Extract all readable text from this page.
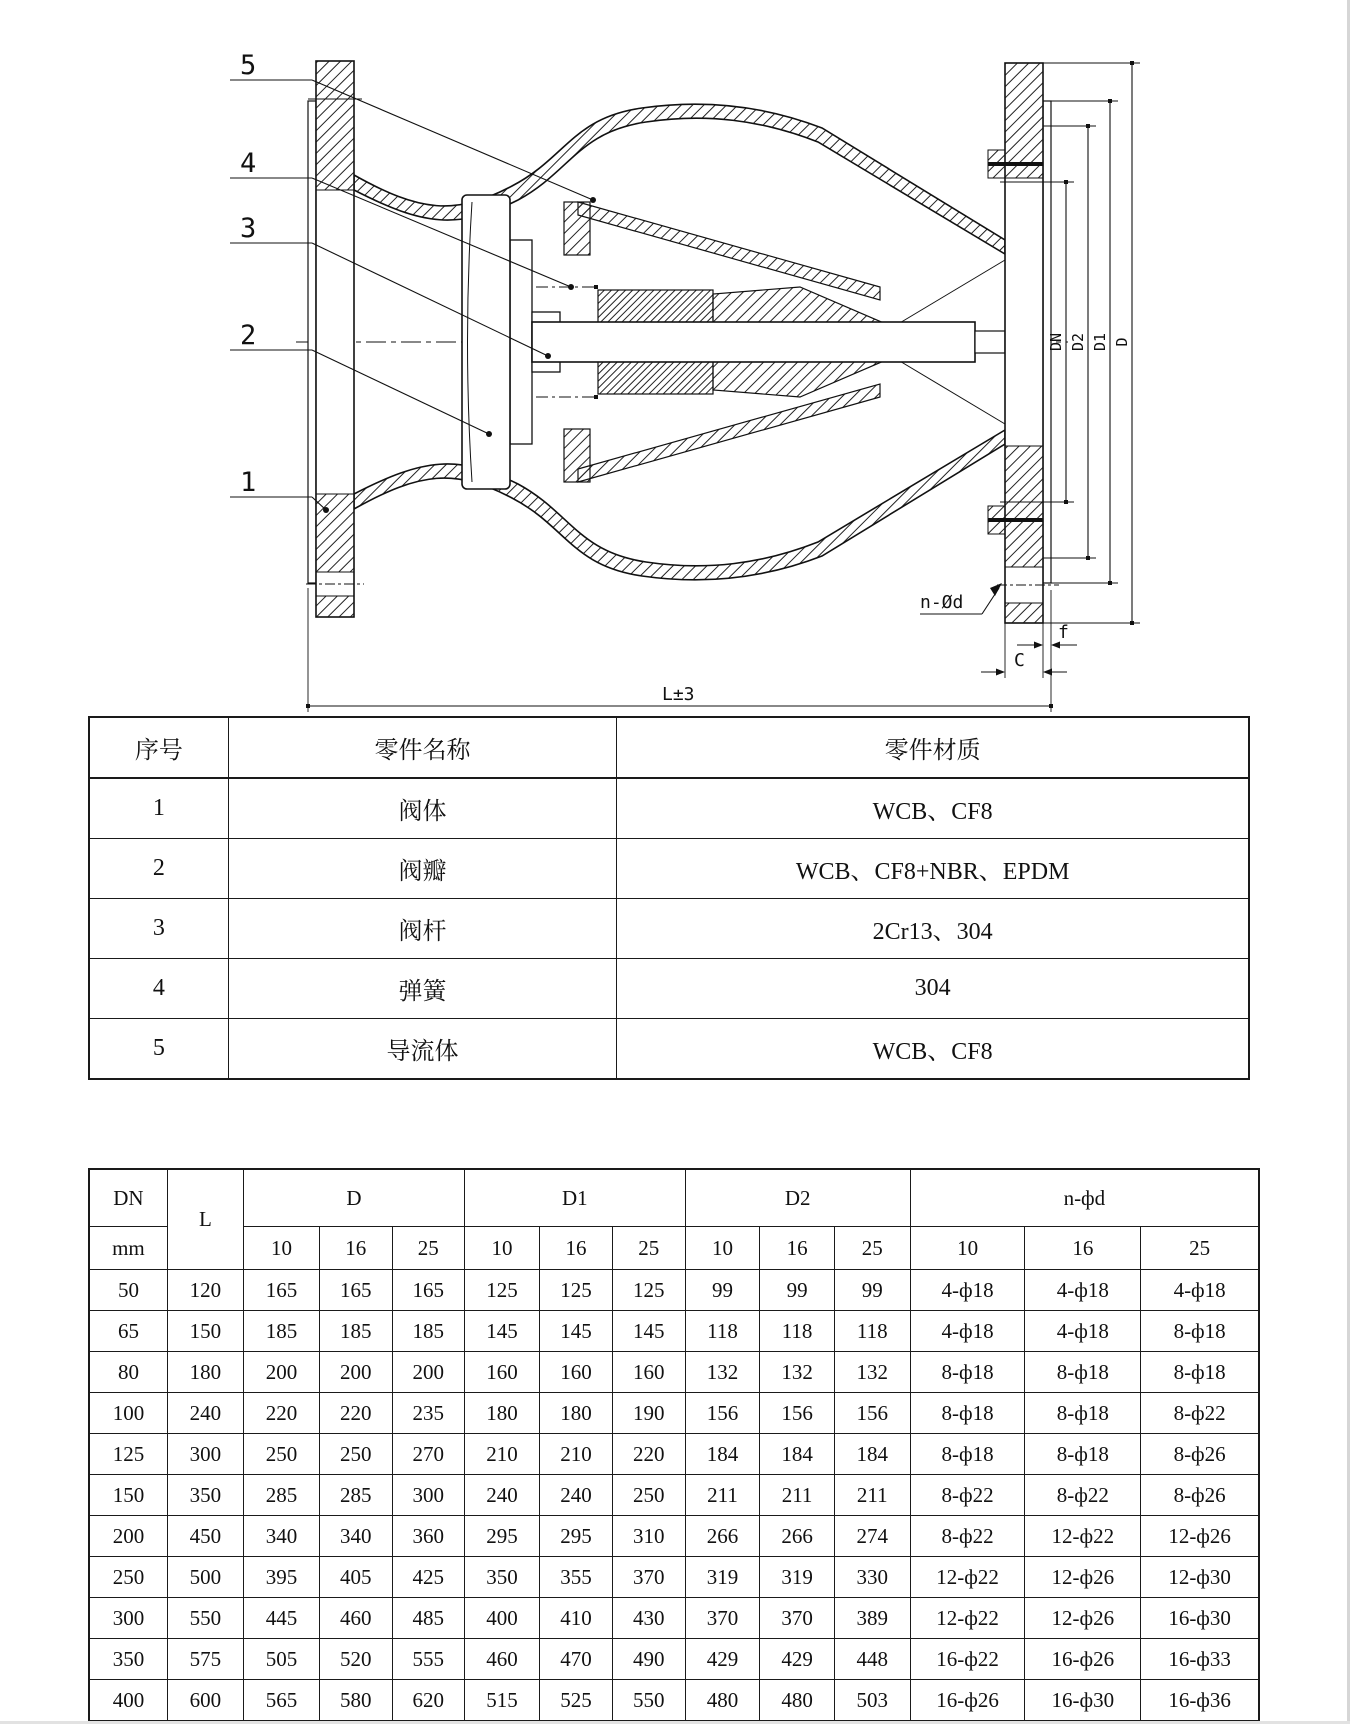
5
4
3
2
1
DN D2 D1 D
n-Ød
f
C
L±3
序号	零件名称	零件材质
1	阀体	WCB、CF8
2	阀瓣	WCB、CF8+NBR、EPDM
3	阀杆	2Cr13、304
4	弹簧	304
5	导流体	WCB、CF8
DN	L	D			D1			D2			n-фd		
mm		10	16	25	10	16	25	10	16	25	10	16	25
50	120	165	165	165	125	125	125	99	99	99	4-ф18	4-ф18	4-ф18
65	150	185	185	185	145	145	145	118	118	118	4-ф18	4-ф18	8-ф18
80	180	200	200	200	160	160	160	132	132	132	8-ф18	8-ф18	8-ф18
100	240	220	220	235	180	180	190	156	156	156	8-ф18	8-ф18	8-ф22
125	300	250	250	270	210	210	220	184	184	184	8-ф18	8-ф18	8-ф26
150	350	285	285	300	240	240	250	211	211	211	8-ф22	8-ф22	8-ф26
200	450	340	340	360	295	295	310	266	266	274	8-ф22	12-ф22	12-ф26
250	500	395	405	425	350	355	370	319	319	330	12-ф22	12-ф26	12-ф30
300	550	445	460	485	400	410	430	370	370	389	12-ф22	12-ф26	16-ф30
350	575	505	520	555	460	470	490	429	429	448	16-ф22	16-ф26	16-ф33
400	600	565	580	620	515	525	550	480	480	503	16-ф26	16-ф30	16-ф36
